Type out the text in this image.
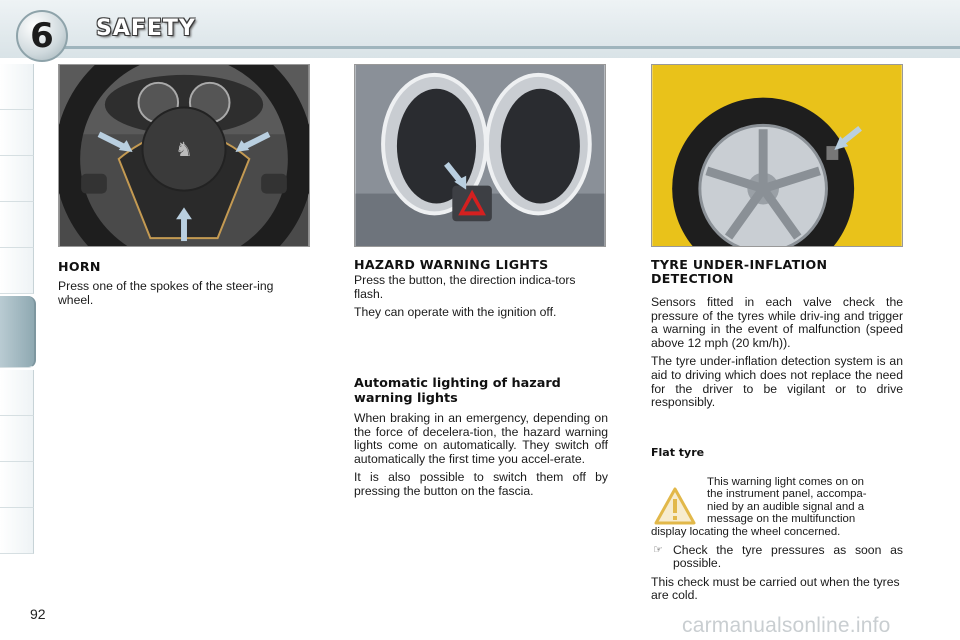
6 SAFETY
♞
HORN

Press one of the spokes of the steer-ing wheel.

HAZARD WARNING LIGHTS

Press the button, the direction indica-tors flash.

They can operate with the ignition off.

Automatic lighting of hazard warning lights

When braking in an emergency, depending on the force of decelera-tion, the hazard warning lights come on automatically. They switch off automatically the first time you accel-erate.

It is also possible to switch them off by pressing the button on the fascia.

TYRE UNDER-INFLATION DETECTION

Sensors fitted in each valve check the pressure of the tyres while driv-ing and trigger a warning in the event of malfunction (speed above 12 mph (20 km/h)).

The tyre under-inflation detection system is an aid to driving which does not replace the need for the driver to be vigilant or to drive responsibly.

Flat tyre
This warning light comes on on
the instrument panel, accompa-
nied by an audible signal and a
message on the multifunction
display locating the wheel concerned.

☞ Check the tyre pressures as soon as possible.

This check must be carried out when the tyres are cold.

92	carmanualsonline.info
